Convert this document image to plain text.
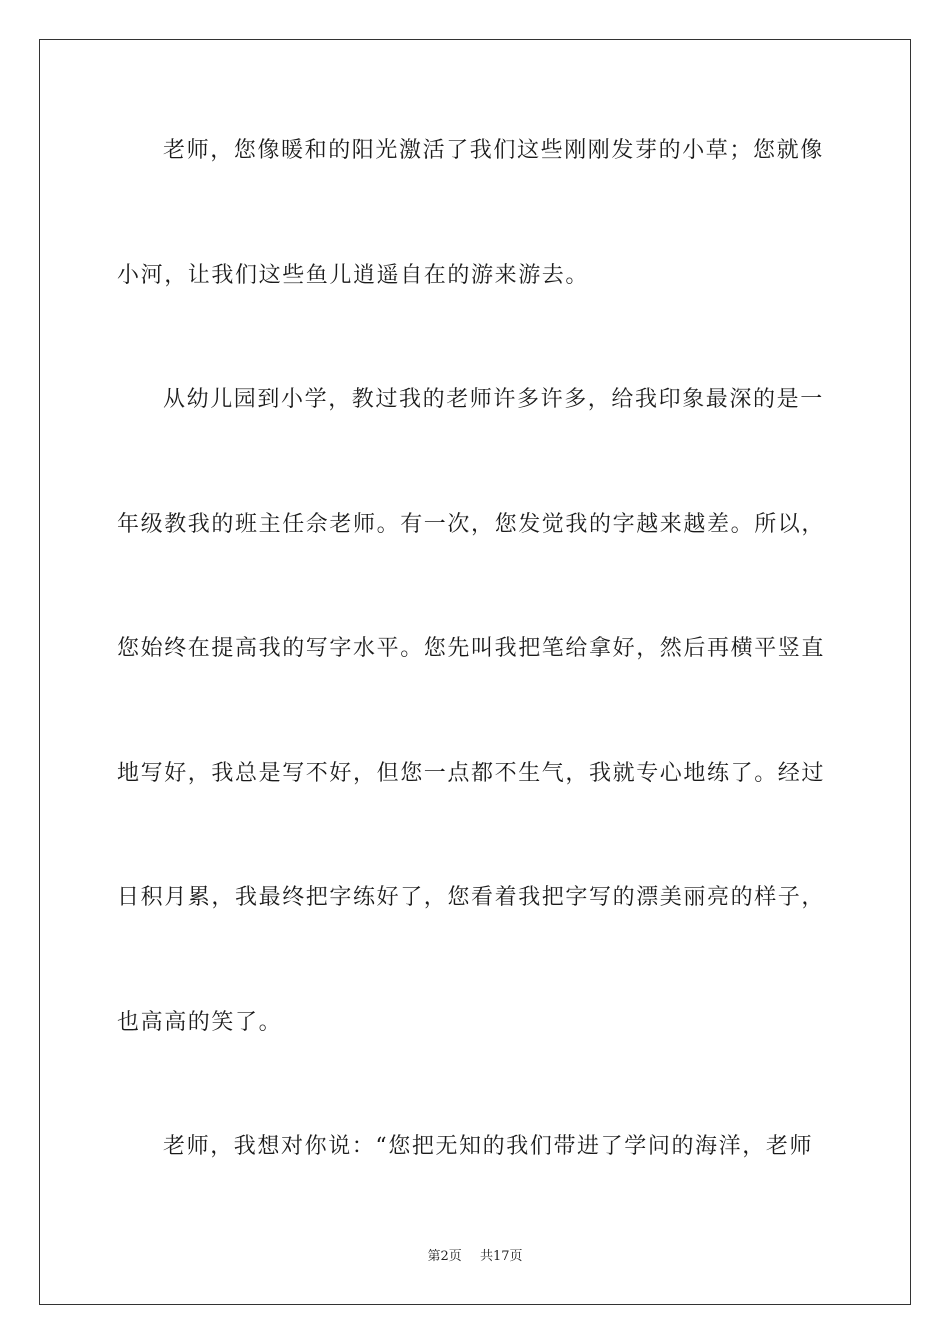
老师，您像暖和的阳光激活了我们这些刚刚发芽的小草；您就像
小河，让我们这些鱼儿逍遥自在的游来游去。
从幼儿园到小学，教过我的老师许多许多，给我印象最深的是一
年级教我的班主任佘老师。有一次，您发觉我的字越来越差。所以，
您始终在提高我的写字水平。您先叫我把笔给拿好，然后再横平竖直
地写好，我总是写不好，但您一点都不生气，我就专心地练了。经过
日积月累，我最终把字练好了，您看着我把字写的漂美丽亮的样子，
也高高的笑了。
老师，我想对你说：“您把无知的我们带进了学问的海洋，老师
第2页 共17页
